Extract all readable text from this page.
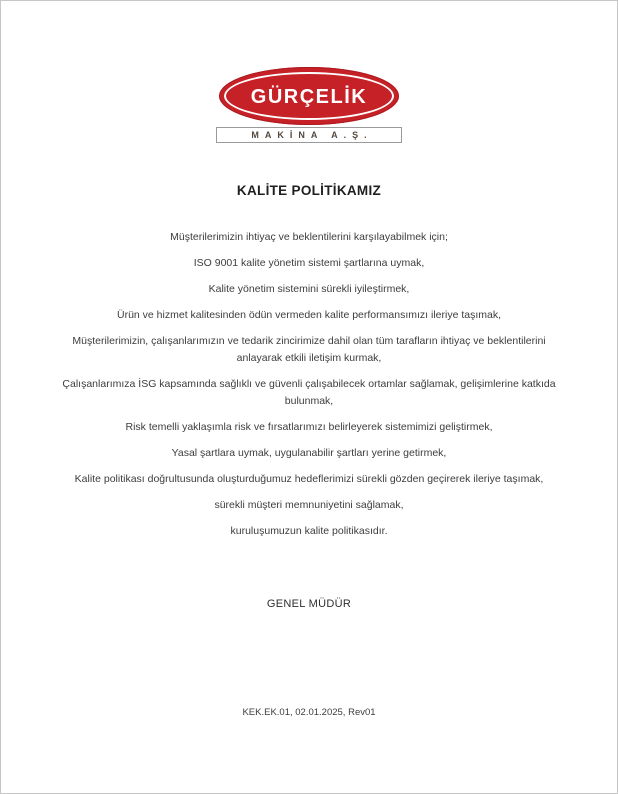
®
GÜRÇELİK
MAKİNA A.Ş.
KALİTE POLİTİKAMIZ

Müşterilerimizin ihtiyaç ve beklentilerini karşılayabilmek için;

ISO 9001 kalite yönetim sistemi şartlarına uymak,

Kalite yönetim sistemini sürekli iyileştirmek,

Ürün ve hizmet kalitesinden ödün vermeden kalite performansımızı ileriye taşımak,

Müşterilerimizin, çalışanlarımızın ve tedarik zincirimize dahil olan tüm tarafların ihtiyaç ve beklentilerini anlayarak etkili iletişim kurmak,

Çalışanlarımıza İSG kapsamında sağlıklı ve güvenli çalışabilecek ortamlar sağlamak, gelişimlerine katkıda bulunmak,

Risk temelli yaklaşımla risk ve fırsatlarımızı belirleyerek sistemimizi geliştirmek,

Yasal şartlara uymak, uygulanabilir şartları yerine getirmek,

Kalite politikası doğrultusunda oluşturduğumuz hedeflerimizi sürekli gözden geçirerek ileriye taşımak,

sürekli müşteri memnuniyetini sağlamak,

kuruluşumuzun kalite politikasıdır.

GENEL MÜDÜR
KEK.EK.01, 02.01.2025, Rev01
